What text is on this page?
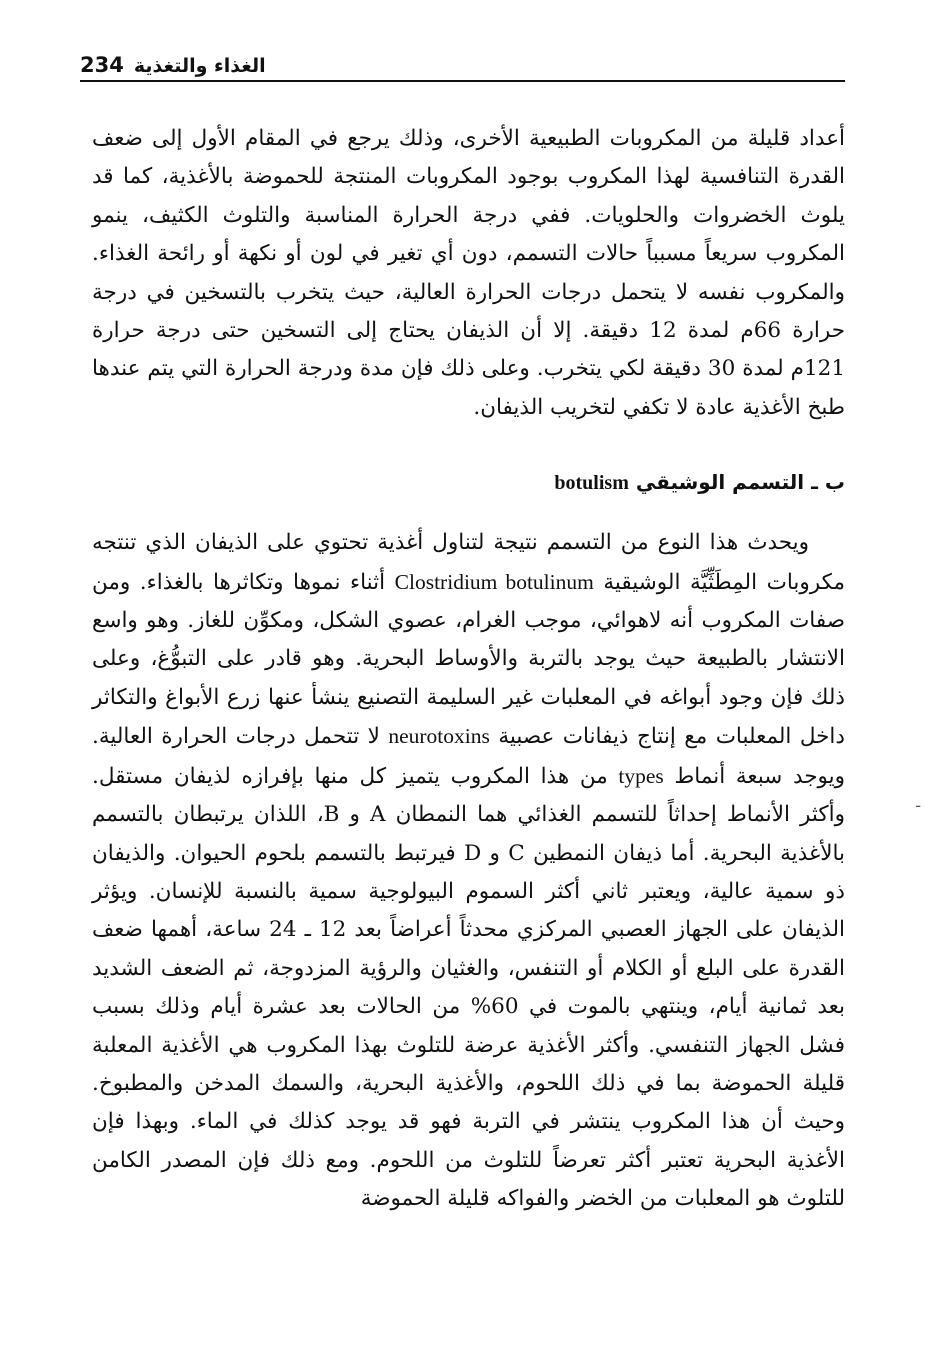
234 الغذاء والتغذية

أعداد قليلة من المكروبات الطبيعية الأخرى، وذلك يرجع في المقام الأول إلى ضعف القدرة التنافسية لهذا المكروب بوجود المكروبات المنتجة للحموضة بالأغذية، كما قد يلوث الخضروات والحلويات. ففي درجة الحرارة المناسبة والتلوث الكثيف، ينمو المكروب سريعاً مسبباً حالات التسمم، دون أي تغير في لون أو نكهة أو رائحة الغذاء. والمكروب نفسه لا يتحمل درجات الحرارة العالية، حيث يتخرب بالتسخين في درجة حرارة 66م لمدة 12 دقيقة. إلا أن الذيفان يحتاج إلى التسخين حتى درجة حرارة 121م لمدة 30 دقيقة لكي يتخرب. وعلى ذلك فإن مدة ودرجة الحرارة التي يتم عندها طبخ الأغذية عادة لا تكفي لتخريب الذيفان.

ب ـ التسمم الوشيقي botulism

ويحدث هذا النوع من التسمم نتيجة لتناول أغذية تحتوي على الذيفان الذي تنتجه مكروبات المِطَثِّيَّة الوشيقية Clostridium botulinum أثناء نموها وتكاثرها بالغذاء. ومن صفات المكروب أنه لاهوائي، موجب الغرام، عصوي الشكل، ومكوِّن للغاز. وهو واسع الانتشار بالطبيعة حيث يوجد بالتربة والأوساط البحرية. وهو قادر على التبوُّغ، وعلى ذلك فإن وجود أبواغه في المعلبات غير السليمة التصنيع ينشأ عنها زرع الأبواغ والتكاثر داخل المعلبات مع إنتاج ذيفانات عصبية neurotoxins لا تتحمل درجات الحرارة العالية. ويوجد سبعة أنماط types من هذا المكروب يتميز كل منها بإفرازه لذيفان مستقل. وأكثر الأنماط إحداثاً للتسمم الغذائي هما النمطان A و B، اللذان يرتبطان بالتسمم بالأغذية البحرية. أما ذيفان النمطين C و D فيرتبط بالتسمم بلحوم الحيوان. والذيفان ذو سمية عالية، ويعتبر ثاني أكثر السموم البيولوجية سمية بالنسبة للإنسان. ويؤثر الذيفان على الجهاز العصبي المركزي محدثاً أعراضاً بعد 12 ـ 24 ساعة، أهمها ضعف القدرة على البلع أو الكلام أو التنفس، والغثيان والرؤية المزدوجة، ثم الضعف الشديد بعد ثمانية أيام، وينتهي بالموت في 60% من الحالات بعد عشرة أيام وذلك بسبب فشل الجهاز التنفسي. وأكثر الأغذية عرضة للتلوث بهذا المكروب هي الأغذية المعلبة قليلة الحموضة بما في ذلك اللحوم، والأغذية البحرية، والسمك المدخن والمطبوخ. وحيث أن هذا المكروب ينتشر في التربة فهو قد يوجد كذلك في الماء. وبهذا فإن الأغذية البحرية تعتبر أكثر تعرضاً للتلوث من اللحوم. ومع ذلك فإن المصدر الكامن للتلوث هو المعلبات من الخضر والفواكه قليلة الحموضة

-
